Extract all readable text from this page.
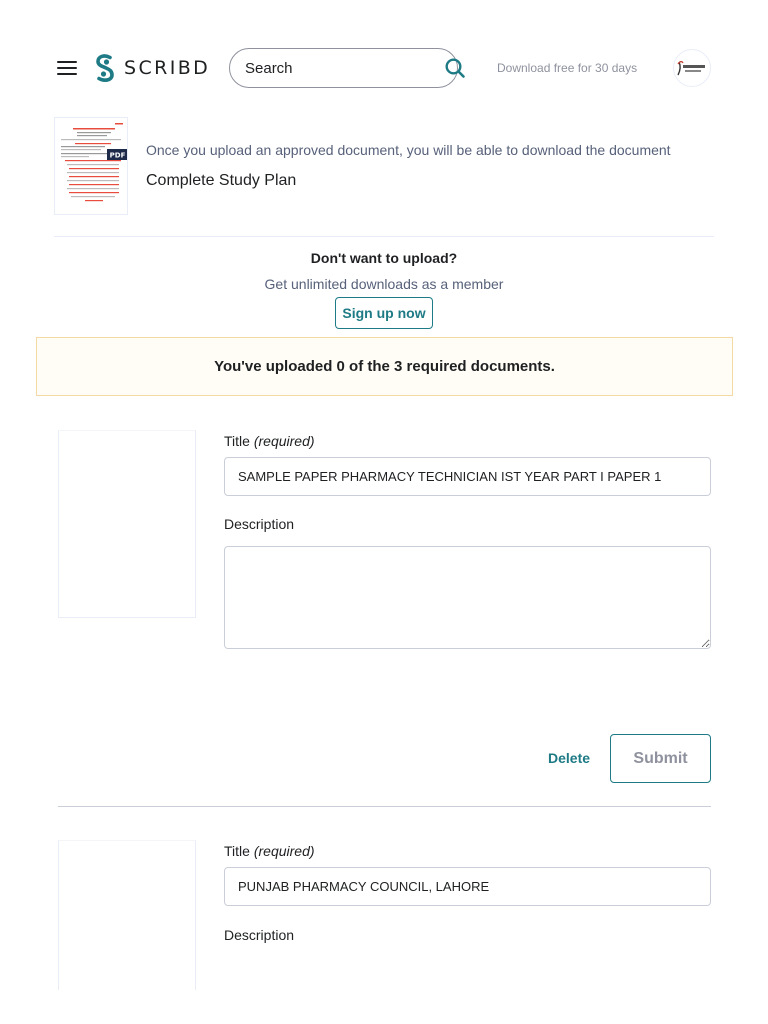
SCRIBD
Search	Download free for 30 days
PDF Once you upload an approved document, you will be able to download the document
Complete Study Plan
Don't want to upload?
Get unlimited downloads as a member
Sign up now
You've uploaded 0 of the 3 required documents.
Title (required)
SAMPLE PAPER PHARMACY TECHNICIAN IST YEAR PART I PAPER 1
Description
Delete	Submit
Title (required)
PUNJAB PHARMACY COUNCIL, LAHORE
Description
